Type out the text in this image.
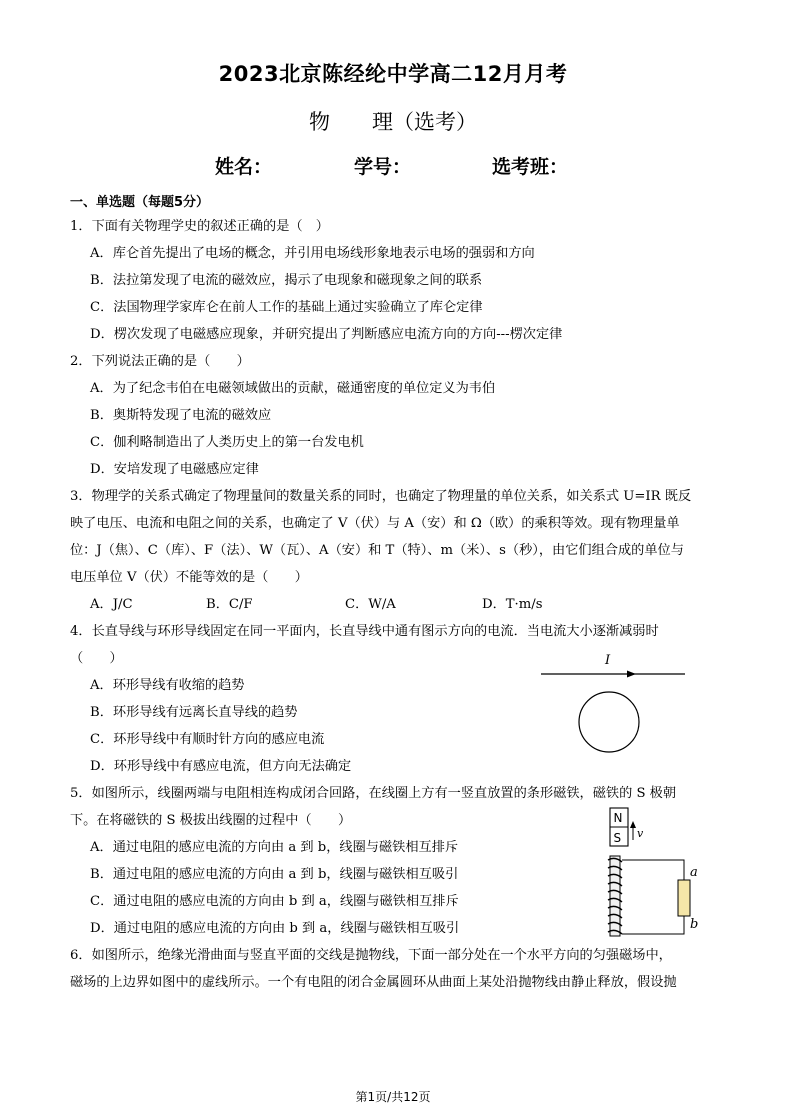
2023北京陈经纶中学高二12月月考
物 理（选考）
姓名：	学号：	选考班：
一、单选题（每题5分）
1．下面有关物理学史的叙述正确的是（　）
A．库仑首先提出了电场的概念，并引用电场线形象地表示电场的强弱和方向
B．法拉第发现了电流的磁效应，揭示了电现象和磁现象之间的联系
C．法国物理学家库仑在前人工作的基础上通过实验确立了库仑定律
D．楞次发现了电磁感应现象，并研究提出了判断感应电流方向的方向---楞次定律
2．下列说法正确的是（　　）
A．为了纪念韦伯在电磁领域做出的贡献，磁通密度的单位定义为韦伯
B．奥斯特发现了电流的磁效应
C．伽利略制造出了人类历史上的第一台发电机
D．安培发现了电磁感应定律
3．物理学的关系式确定了物理量间的数量关系的同时，也确定了物理量的单位关系，如关系式 U=IR 既反
映了电压、电流和电阻之间的关系，也确定了 V（伏）与 A（安）和 Ω（欧）的乘积等效。现有物理量单
位：J（焦）、C（库）、F（法）、W（瓦）、A（安）和 T（特）、m（米）、s（秒），由它们组合成的单位与
电压单位 V（伏）不能等效的是（　　）
A．J/C	B．C/F	C．W/A	D．T·m/s
4．长直导线与环形导线固定在同一平面内，长直导线中通有图示方向的电流．当电流大小逐渐减弱时
（　　）
A．环形导线有收缩的趋势
B．环形导线有远离长直导线的趋势
C．环形导线中有顺时针方向的感应电流
D．环形导线中有感应电流，但方向无法确定
I
5．如图所示，线圈两端与电阻相连构成闭合回路，在线圈上方有一竖直放置的条形磁铁，磁铁的 S 极朝
下。在将磁铁的 S 极拔出线圈的过程中（　　）
A．通过电阻的感应电流的方向由 a 到 b，线圈与磁铁相互排斥
B．通过电阻的感应电流的方向由 a 到 b，线圈与磁铁相互吸引
C．通过电阻的感应电流的方向由 b 到 a，线圈与磁铁相互排斥
D．通过电阻的感应电流的方向由 b 到 a，线圈与磁铁相互吸引
N
S v
a
b
6．如图所示，绝缘光滑曲面与竖直平面的交线是抛物线，下面一部分处在一个水平方向的匀强磁场中，
磁场的上边界如图中的虚线所示。一个有电阻的闭合金属圆环从曲面上某处沿抛物线由静止释放，假设抛
第1页/共12页
